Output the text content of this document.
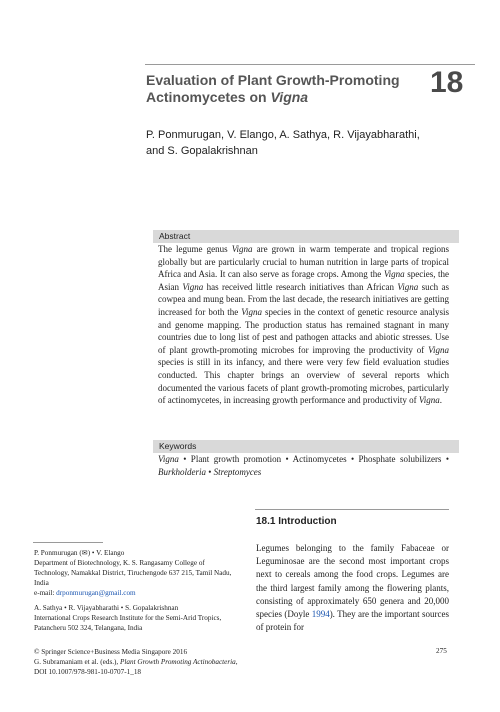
Evaluation of Plant Growth-Promoting
Actinomycetes on Vigna	18
P. Ponmurugan, V. Elango, A. Sathya, R. Vijayabharathi,
and S. Gopalakrishnan
Abstract
The legume genus Vigna are grown in warm temperate and tropical regions globally but are particularly crucial to human nutrition in large parts of tropical Africa and Asia. It can also serve as forage crops. Among the Vigna species, the Asian Vigna has received little research initiatives than African Vigna such as cowpea and mung bean. From the last decade, the research initiatives are getting increased for both the Vigna species in the context of genetic resource analysis and genome mapping. The production status has remained stagnant in many countries due to long list of pest and pathogen attacks and abiotic stresses. Use of plant growth-promoting microbes for improving the productivity of Vigna species is still in its infancy, and there were very few field evaluation studies conducted. This chapter brings an overview of several reports which documented the various facets of plant growth-promoting microbes, particularly of actinomycetes, in increasing growth performance and productivity of Vigna.
Keywords
Vigna • Plant growth promotion • Actinomycetes • Phosphate solubilizers • Burkholderia • Streptomyces
18.1 Introduction
Legumes belonging to the family Fabaceae or Leguminosae are the second most important crops next to cereals among the food crops. Legumes are the third largest family among the flowering plants, consisting of approximately 650 genera and 20,000 species (Doyle 1994). They are the important sources of protein for
P. Ponmurugan (✉) • V. Elango
Department of Biotechnology, K. S. Rangasamy College of Technology, Namakkal District, Tiruchengode 637 215, Tamil Nadu, India
e-mail: drponmurugan@gmail.com
A. Sathya • R. Vijayabharathi • S. Gopalakrishnan
International Crops Research Institute for the Semi-Arid Tropics, Patancheru 502 324, Telangana, India
© Springer Science+Business Media Singapore 2016
G. Subramaniam et al. (eds.), Plant Growth Promoting Actinobacteria,
DOI 10.1007/978-981-10-0707-1_18
275
